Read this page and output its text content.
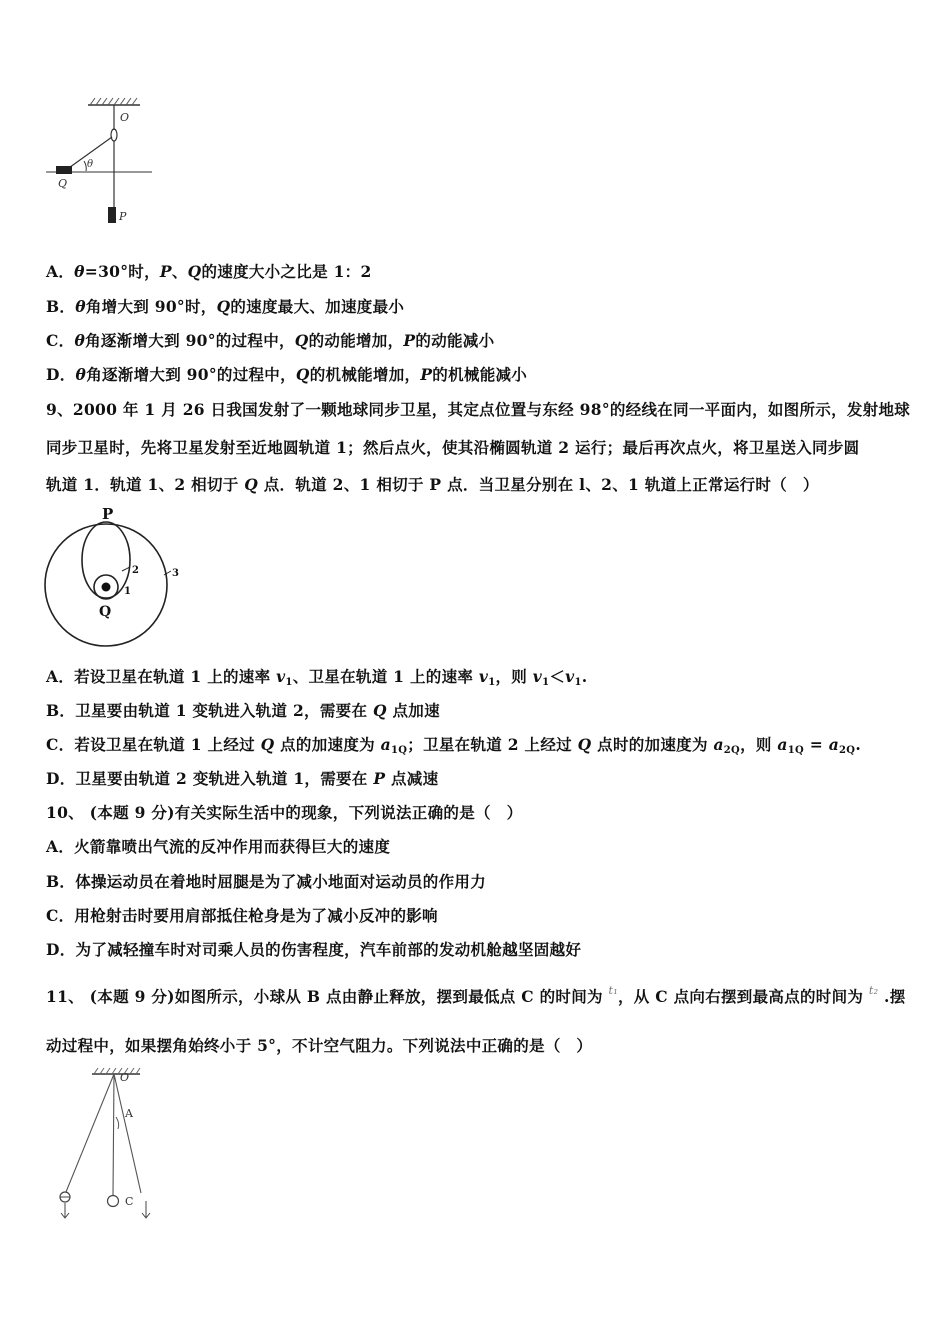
O
θ
Q
P
A．θ=30°时，P、Q的速度大小之比是 1：2
B．θ角增大到 90°时，Q的速度最大、加速度最小
C．θ角逐渐增大到 90°的过程中，Q的动能增加，P的动能减小
D．θ角逐渐增大到 90°的过程中，Q的机械能增加，P的机械能减小
9、2000 年 1 月 26 日我国发射了一颗地球同步卫星，其定点位置与东经 98°的经线在同一平面内，如图所示，发射地球
同步卫星时，先将卫星发射至近地圆轨道 1；然后点火，使其沿椭圆轨道 2 运行；最后再次点火，将卫星送入同步圆
轨道 1．轨道 1、2 相切于 Q 点．轨道 2、1 相切于 P 点．当卫星分别在 l、2、1 轨道上正常运行时（　）
P
Q
1
2	3
A．若设卫星在轨道 1 上的速率 $v_1$、卫星在轨道 1 上的速率 $v_1$，则 $v_1<v_1$.
B．卫星要由轨道 1 变轨进入轨道 2，需要在 Q 点加速
C．若设卫星在轨道 1 上经过 Q 点的加速度为 $a_{1Q}$；卫星在轨道 2 上经过 Q 点时的加速度为 $a_{2Q}$，则 $a_{1Q} = a_{2Q}$.
D．卫星要由轨道 2 变轨进入轨道 1，需要在 P 点减速
10、 (本题 9 分)有关实际生活中的现象，下列说法正确的是（　）
A．火箭靠喷出气流的反冲作用而获得巨大的速度
B．体操运动员在着地时屈腿是为了减小地面对运动员的作用力
C．用枪射击时要用肩部抵住枪身是为了减小反冲的影响
D．为了减轻撞车时对司乘人员的伤害程度，汽车前部的发动机舱越坚固越好
11、 (本题 9 分)如图所示，小球从 B 点由静止释放，摆到最低点 C 的时间为 $^{t_1}$，从 C 点向右摆到最高点的时间为 $^{t_2}$ .摆
动过程中，如果摆角始终小于 5°，不计空气阻力。下列说法中正确的是（　）
O
A
C
